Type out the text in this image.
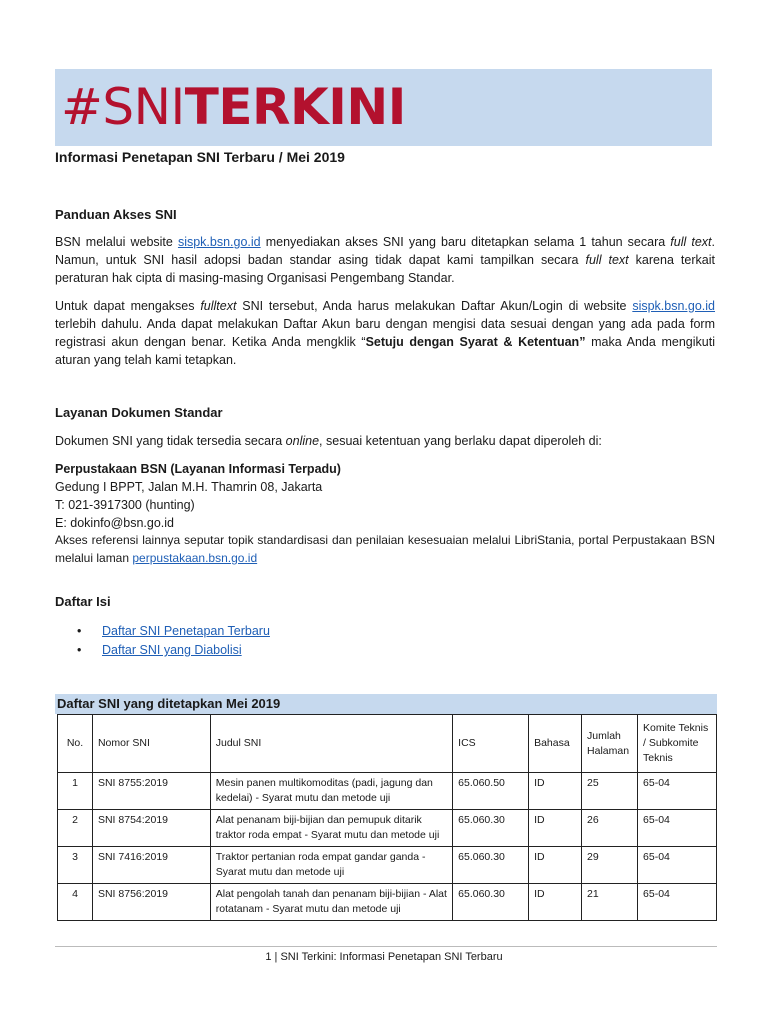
#SNITERKINI
Informasi Penetapan SNI Terbaru / Mei 2019
Panduan Akses SNI
BSN melalui website sispk.bsn.go.id menyediakan akses SNI yang baru ditetapkan selama 1 tahun secara full text. Namun, untuk SNI hasil adopsi badan standar asing tidak dapat kami tampilkan secara full text karena terkait peraturan hak cipta di masing-masing Organisasi Pengembang Standar.
Untuk dapat mengakses fulltext SNI tersebut, Anda harus melakukan Daftar Akun/Login di website sispk.bsn.go.id terlebih dahulu. Anda dapat melakukan Daftar Akun baru dengan mengisi data sesuai dengan yang ada pada form registrasi akun dengan benar. Ketika Anda mengklik “Setuju dengan Syarat & Ketentuan” maka Anda mengikuti aturan yang telah kami tetapkan.
Layanan Dokumen Standar
Dokumen SNI yang tidak tersedia secara online, sesuai ketentuan yang berlaku dapat diperoleh di:
Perpustakaan BSN (Layanan Informasi Terpadu)
Gedung I BPPT, Jalan M.H. Thamrin 08, Jakarta
T: 021-3917300 (hunting)
E: dokinfo@bsn.go.id
Akses referensi lainnya seputar topik standardisasi dan penilaian kesesuaian melalui LibriStania, portal Perpustakaan BSN melalui laman perpustakaan.bsn.go.id
Daftar Isi
• Daftar SNI Penetapan Terbaru
• Daftar SNI yang Diabolisi
Daftar SNI yang ditetapkan Mei 2019
No.	Nomor SNI	Judul SNI	ICS	Bahasa	Jumlah Halaman	Komite Teknis / Subkomite Teknis
1	SNI 8755:2019	Mesin panen multikomoditas (padi, jagung dan kedelai) - Syarat mutu dan metode uji	65.060.50	ID	25	65-04
2	SNI 8754:2019	Alat penanam biji-bijian dan pemupuk ditarik traktor roda empat - Syarat mutu dan metode uji	65.060.30	ID	26	65-04
3	SNI 7416:2019	Traktor pertanian roda empat gandar ganda - Syarat mutu dan metode uji	65.060.30	ID	29	65-04
4	SNI 8756:2019	Alat pengolah tanah dan penanam biji-bijian - Alat rotatanam - Syarat mutu dan metode uji	65.060.30	ID	21	65-04
1 | SNI Terkini: Informasi Penetapan SNI Terbaru
